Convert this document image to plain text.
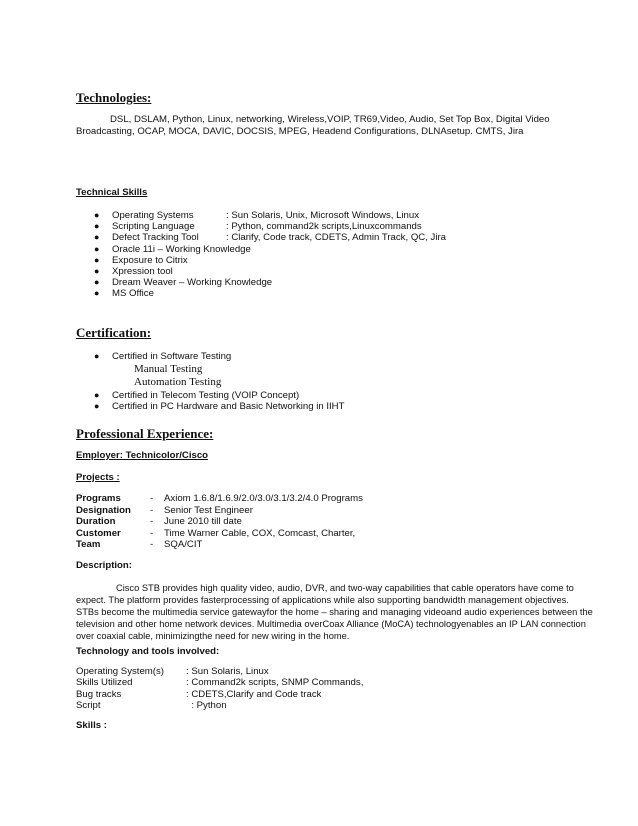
Technologies:
DSL, DSLAM, Python, Linux, networking, Wireless,VOIP, TR69,Video, Audio, Set Top Box, Digital Video
Broadcasting, OCAP, MOCA, DAVIC, DOCSIS, MPEG, Headend Configurations, DLNAsetup. CMTS, Jira
Technical Skills
● Operating Systems	: Sun Solaris, Unix, Microsoft Windows, Linux
● Scripting Language	: Python, command2k scripts,Linuxcommands
● Defect Tracking Tool	: Clarify, Code track, CDETS, Admin Track, QC, Jira
● Oracle 11i – Working Knowledge
● Exposure to Citrix
● Xpression tool
● Dream Weaver – Working Knowledge
● MS Office
Certification:
● Certified in Software Testing
Manual Testing
Automation Testing
● Certified in Telecom Testing (VOIP Concept)
● Certified in PC Hardware and Basic Networking in IIHT
Professional Experience:
Employer: Technicolor/Cisco
Projects :
Programs	- Axiom 1.6.8/1.6.9/2.0/3.0/3.1/3.2/4.0 Programs
Designation - Senior Test Engineer
Duration	- June 2010 till date
Customer	- Time Warner Cable, COX, Comcast, Charter,
Team	- SQA/CIT
Description:
Cisco STB provides high quality video, audio, DVR, and two-way capabilities that cable operators have come to
expect. The platform provides fasterprocessing of applications while also supporting bandwidth management objectives.
STBs become the multimedia service gatewayfor the home – sharing and managing videoand audio experiences between the
television and other home network devices. Multimedia overCoax Alliance (MoCA) technologyenables an IP LAN connection
over coaxial cable, minimizingthe need for new wiring in the home.
Technology and tools involved:
Operating System(s) : Sun Solaris, Linux
Skills Utilized	: Command2k scripts, SNMP Commands,
Bug tracks	: CDETS,Clarify and Code track
Script	: Python
Skills :
